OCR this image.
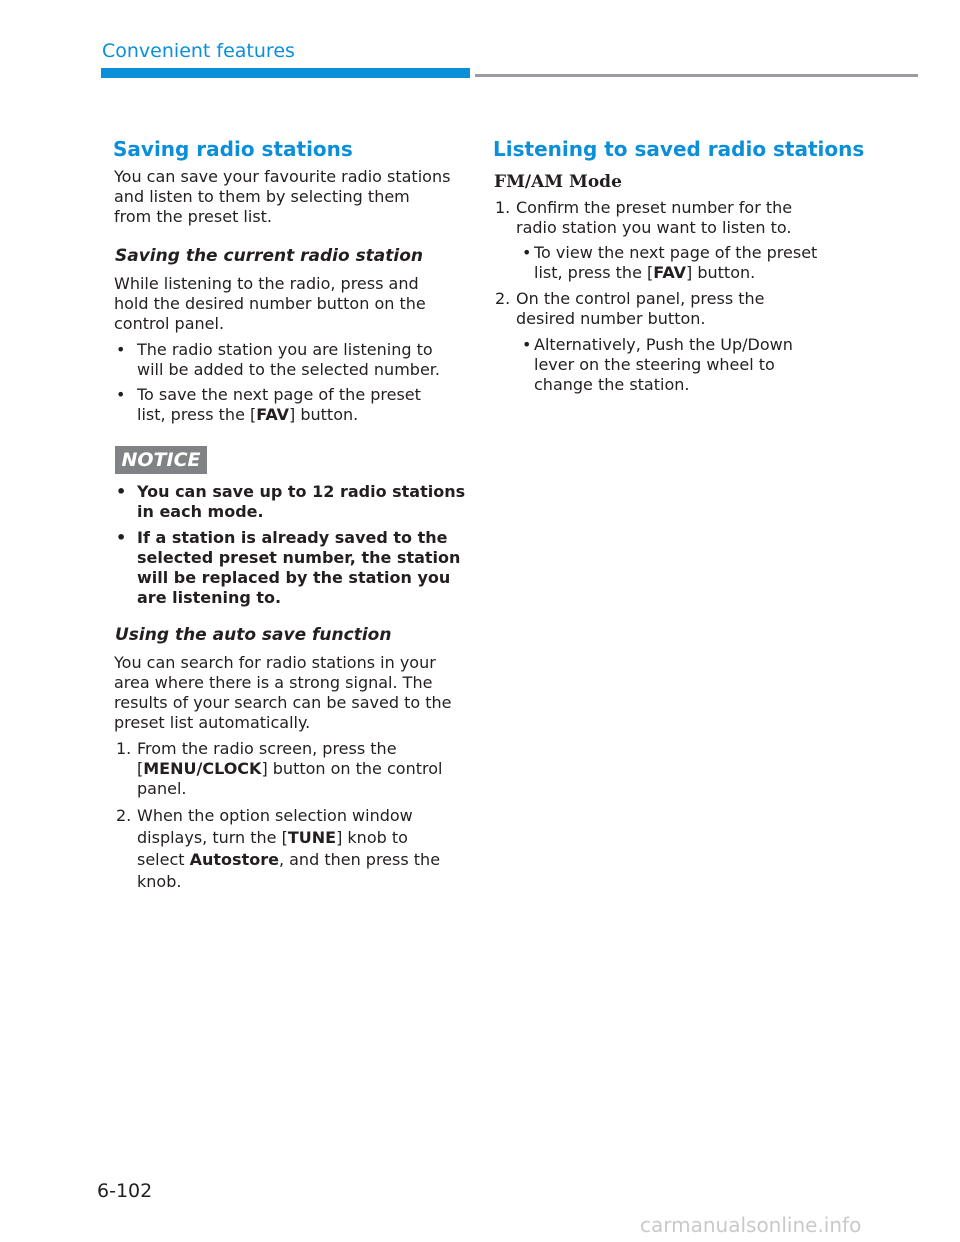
Convenient features
Saving radio stations
You can save your favourite radio stations
and listen to them by selecting them
from the preset list.
Saving the current radio station
While listening to the radio, press and
hold the desired number button on the
control panel.
• The radio station you are listening to
will be added to the selected number.
• To save the next page of the preset
list, press the [FAV] button.
NOTICE
• You can save up to 12 radio stations
in each mode.
• If a station is already saved to the
selected preset number, the station
will be replaced by the station you
are listening to.
Using the auto save function
You can search for radio stations in your
area where there is a strong signal. The
results of your search can be saved to the
preset list automatically.
1. From the radio screen, press the
[MENU/CLOCK] button on the control
panel.
2. When the option selection window
displays, turn the [TUNE] knob to
select Autostore, and then press the
knob.
Listening to saved radio stations
FM/AM Mode
1. Confirm the preset number for the
radio station you want to listen to.
• To view the next page of the preset
list, press the [FAV] button.
2. On the control panel, press the
desired number button.
• Alternatively, Push the Up/Down
lever on the steering wheel to
change the station.
6-102
carmanualsonline.info
